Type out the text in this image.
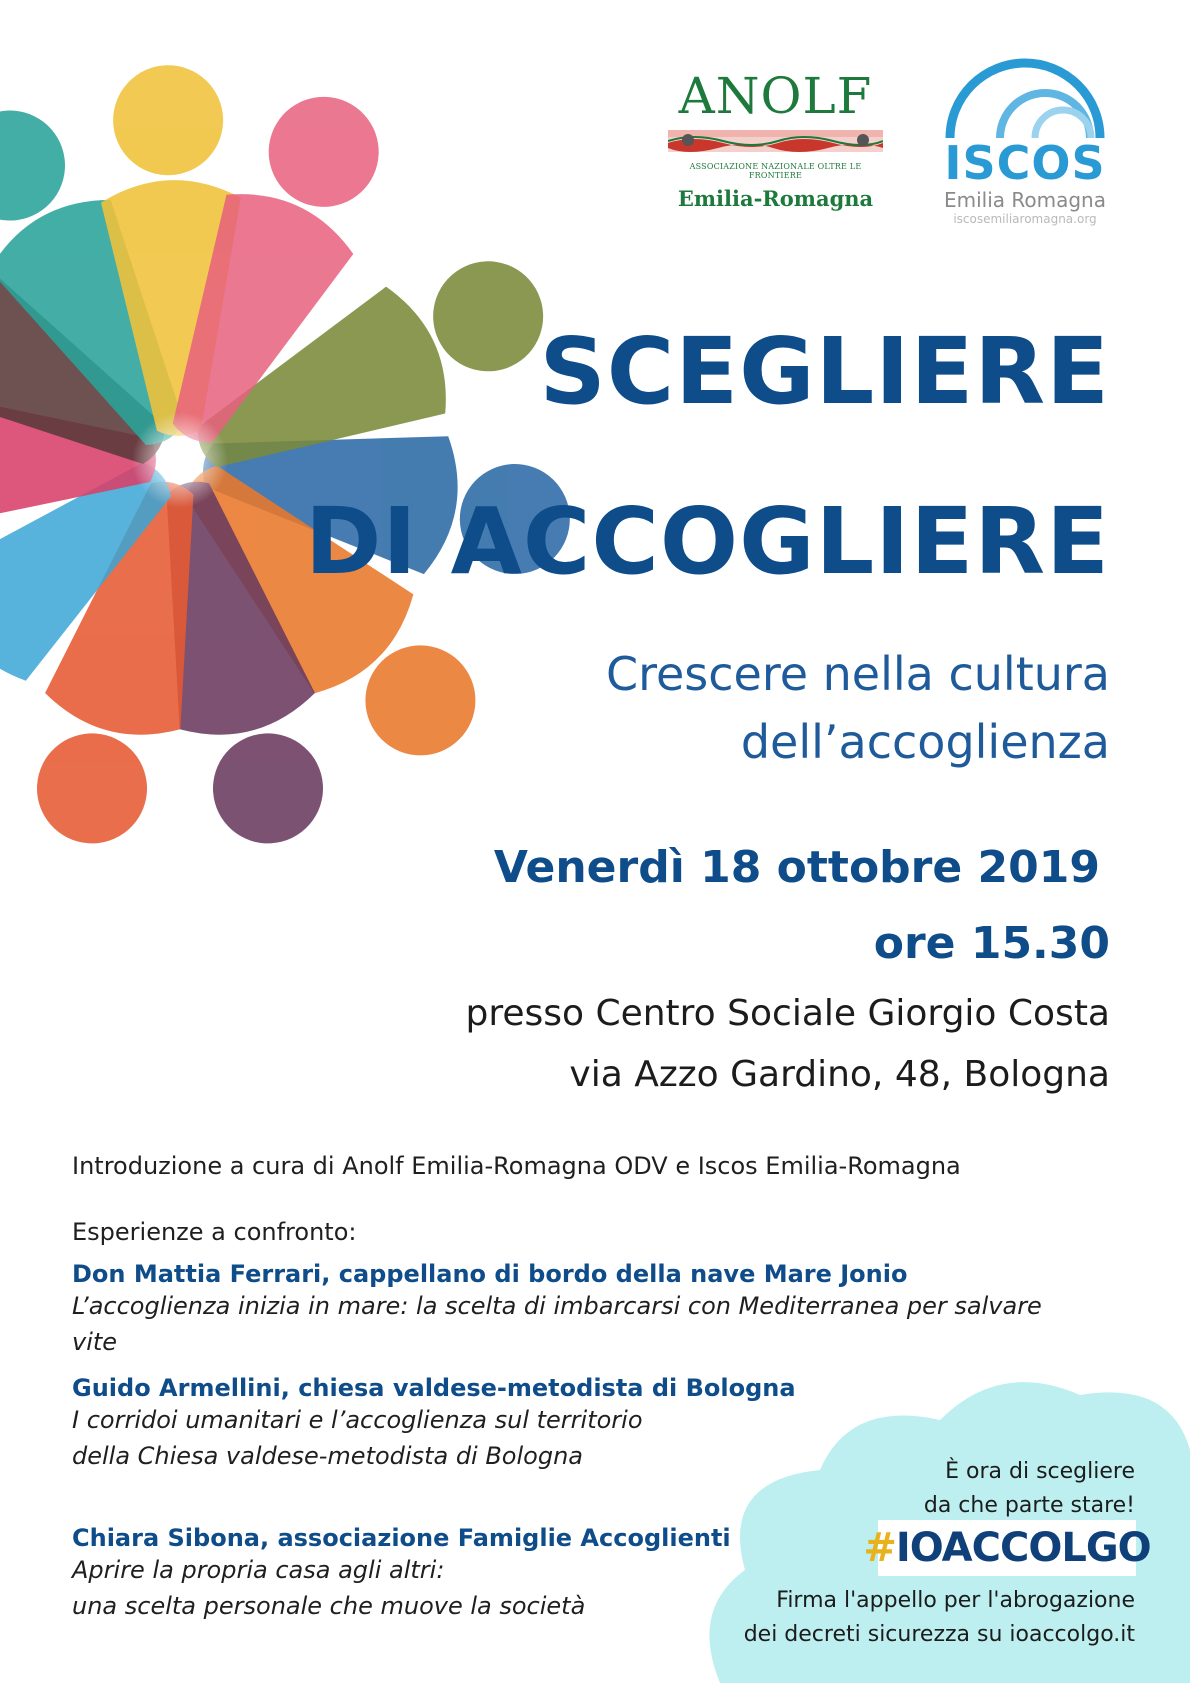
ANOLF
ASSOCIAZIONE NAZIONALE OLTRE LE FRONTIERE
Emilia-Romagna
ISCOS
Emilia Romagna
iscosemiliaromagna.org
SCEGLIERE
DI ACCOGLIERE
Crescere nella cultura
dell’accoglienza
Venerdì 18 ottobre 2019
ore 15.30
presso Centro Sociale Giorgio Costa
via Azzo Gardino, 48, Bologna
Introduzione a cura di Anolf Emilia-Romagna ODV e Iscos Emilia-Romagna
Esperienze a confronto:
Don Mattia Ferrari, cappellano di bordo della nave Mare Jonio
L’accoglienza inizia in mare: la scelta di imbarcarsi con Mediterranea per salvare vite
Guido Armellini, chiesa valdese-metodista di Bologna
I corridoi umanitari e l’accoglienza sul territorio
della Chiesa valdese-metodista di Bologna
Chiara Sibona, associazione Famiglie Accoglienti
Aprire la propria casa agli altri:
una scelta personale che muove la società
È ora di scegliere
da che parte stare!
# IOACCOLGO
Firma l'appello per l'abrogazione
dei decreti sicurezza su ioaccolgo.it
